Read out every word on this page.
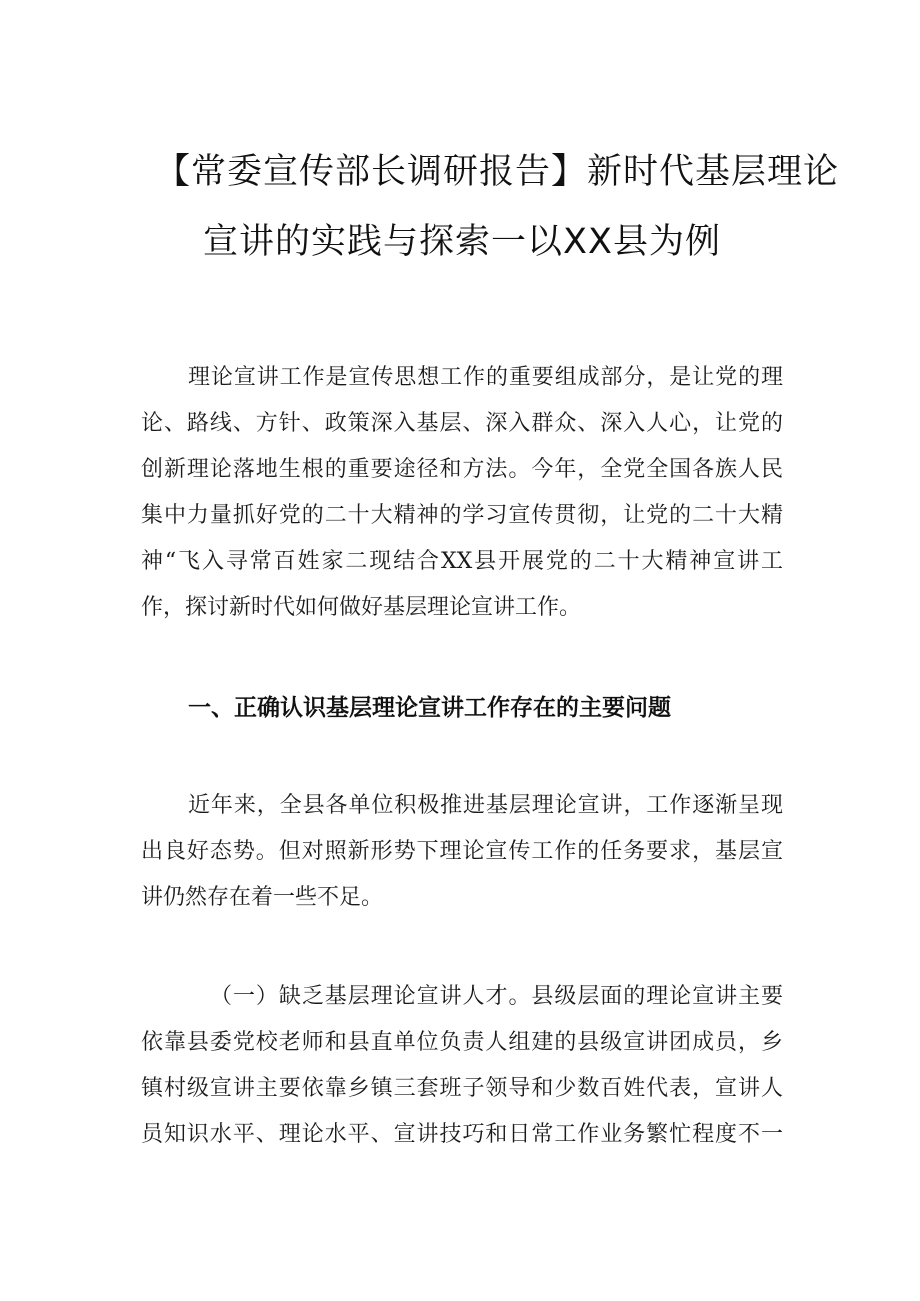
【常委宣传部长调研报告】新时代基层理论
宣讲的实践与探索一以XX县为例
理论宣讲工作是宣传思想工作的重要组成部分，是让党的理
论、路线、方针、政策深入基层、深入群众、深入人心，让党的
创新理论落地生根的重要途径和方法。今年，全党全国各族人民
集中力量抓好党的二十大精神的学习宣传贯彻，让党的二十大精
神“飞入寻常百姓家二现结合XX县开展党的二十大精神宣讲工
作，探讨新时代如何做好基层理论宣讲工作。
一、正确认识基层理论宣讲工作存在的主要问题
近年来，全县各单位积极推进基层理论宣讲，工作逐渐呈现
出良好态势。但对照新形势下理论宣传工作的任务要求，基层宣
讲仍然存在着一些不足。
（一）缺乏基层理论宣讲人才。县级层面的理论宣讲主要
依靠县委党校老师和县直单位负责人组建的县级宣讲团成员，乡
镇村级宣讲主要依靠乡镇三套班子领导和少数百姓代表，宣讲人
员知识水平、理论水平、宣讲技巧和日常工作业务繁忙程度不一
